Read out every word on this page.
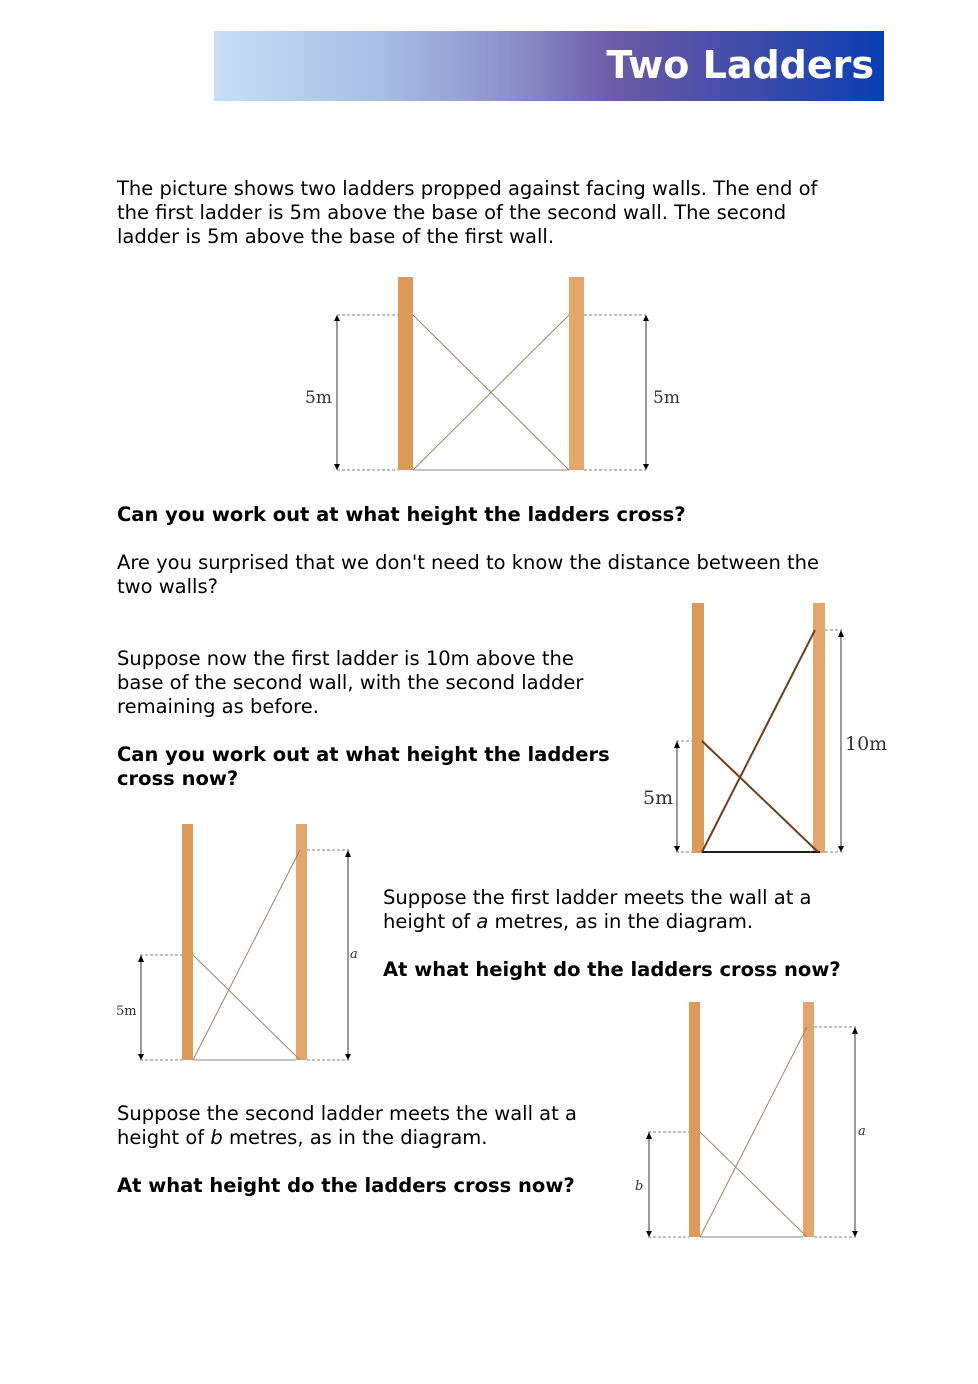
Two Ladders

The picture shows two ladders propped against facing walls. The end of the first ladder is 5m above the base of the second wall. The second ladder is 5m above the base of the first wall.

5m	5m

Can you work out at what height the ladders cross?

Are you surprised that we don't need to know the distance between the two walls?

Suppose now the first ladder is 10m above the base of the second wall, with the second ladder remaining as before.

Can you work out at what height the ladders cross now?

5m
10m
5m
a

Suppose the first ladder meets the wall at a height of a metres, as in the diagram.

At what height do the ladders cross now?

Suppose the second ladder meets the wall at a height of b metres, as in the diagram.

At what height do the ladders cross now?	b
a
